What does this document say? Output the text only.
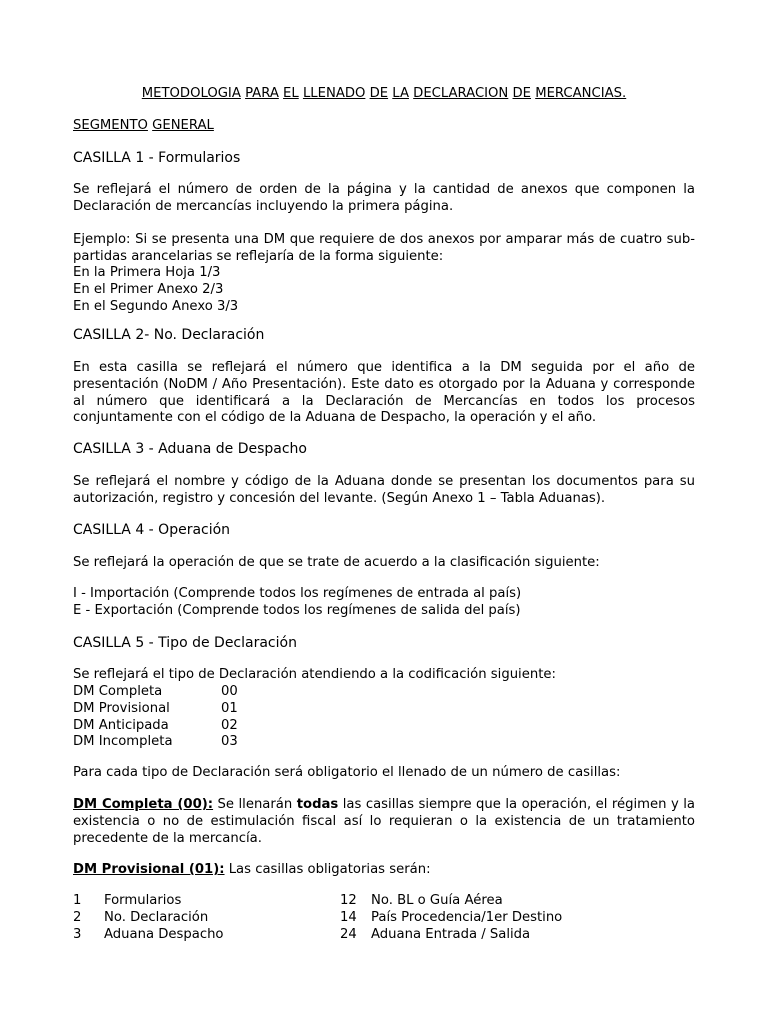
METODOLOGIA PARA EL LLENADO DE LA DECLARACION DE MERCANCIAS.
SEGMENTO GENERAL
CASILLA 1 - Formularios

Se reflejará el número de orden de la página y la cantidad de anexos que componen la Declaración de mercancías incluyendo la primera página.

Ejemplo: Si se presenta una DM que requiere de dos anexos por amparar más de cuatro sub-partidas arancelarias se reflejaría de la forma siguiente:

En la Primera Hoja 1/3
En el Primer Anexo 2/3
En el Segundo Anexo 3/3
CASILLA 2- No. Declaración

En esta casilla se reflejará el número que identifica a la DM seguida por el año de presentación (NoDM / Año Presentación). Este dato es otorgado por la Aduana y corresponde al número que identificará a la Declaración de Mercancías en todos los procesos conjuntamente con el código de la Aduana de Despacho, la operación y el año.

CASILLA 3 - Aduana de Despacho

Se reflejará el nombre y código de la Aduana donde se presentan los documentos para su autorización, registro y concesión del levante. (Según Anexo 1 – Tabla Aduanas).

CASILLA 4 - Operación

Se reflejará la operación de que se trate de acuerdo a la clasificación siguiente:

I - Importación (Comprende todos los regímenes de entrada al país)
E - Exportación (Comprende todos los regímenes de salida del país)
CASILLA 5 - Tipo de Declaración

Se reflejará el tipo de Declaración atendiendo a la codificación siguiente:

DM Completa	00
DM Provisional	01
DM Anticipada	02
DM Incompleta	03

Para cada tipo de Declaración será obligatorio el llenado de un número de casillas:

DM Completa (00): Se llenarán todas las casillas siempre que la operación, el régimen y la existencia o no de estimulación fiscal así lo requieran o la existencia de un tratamiento precedente de la mercancía.

DM Provisional (01): Las casillas obligatorias serán:

1	Formularios
2	No. Declaración
3	Aduana Despacho
12	No. BL o Guía Aérea
14	País Procedencia/1er Destino
24	Aduana Entrada / Salida
